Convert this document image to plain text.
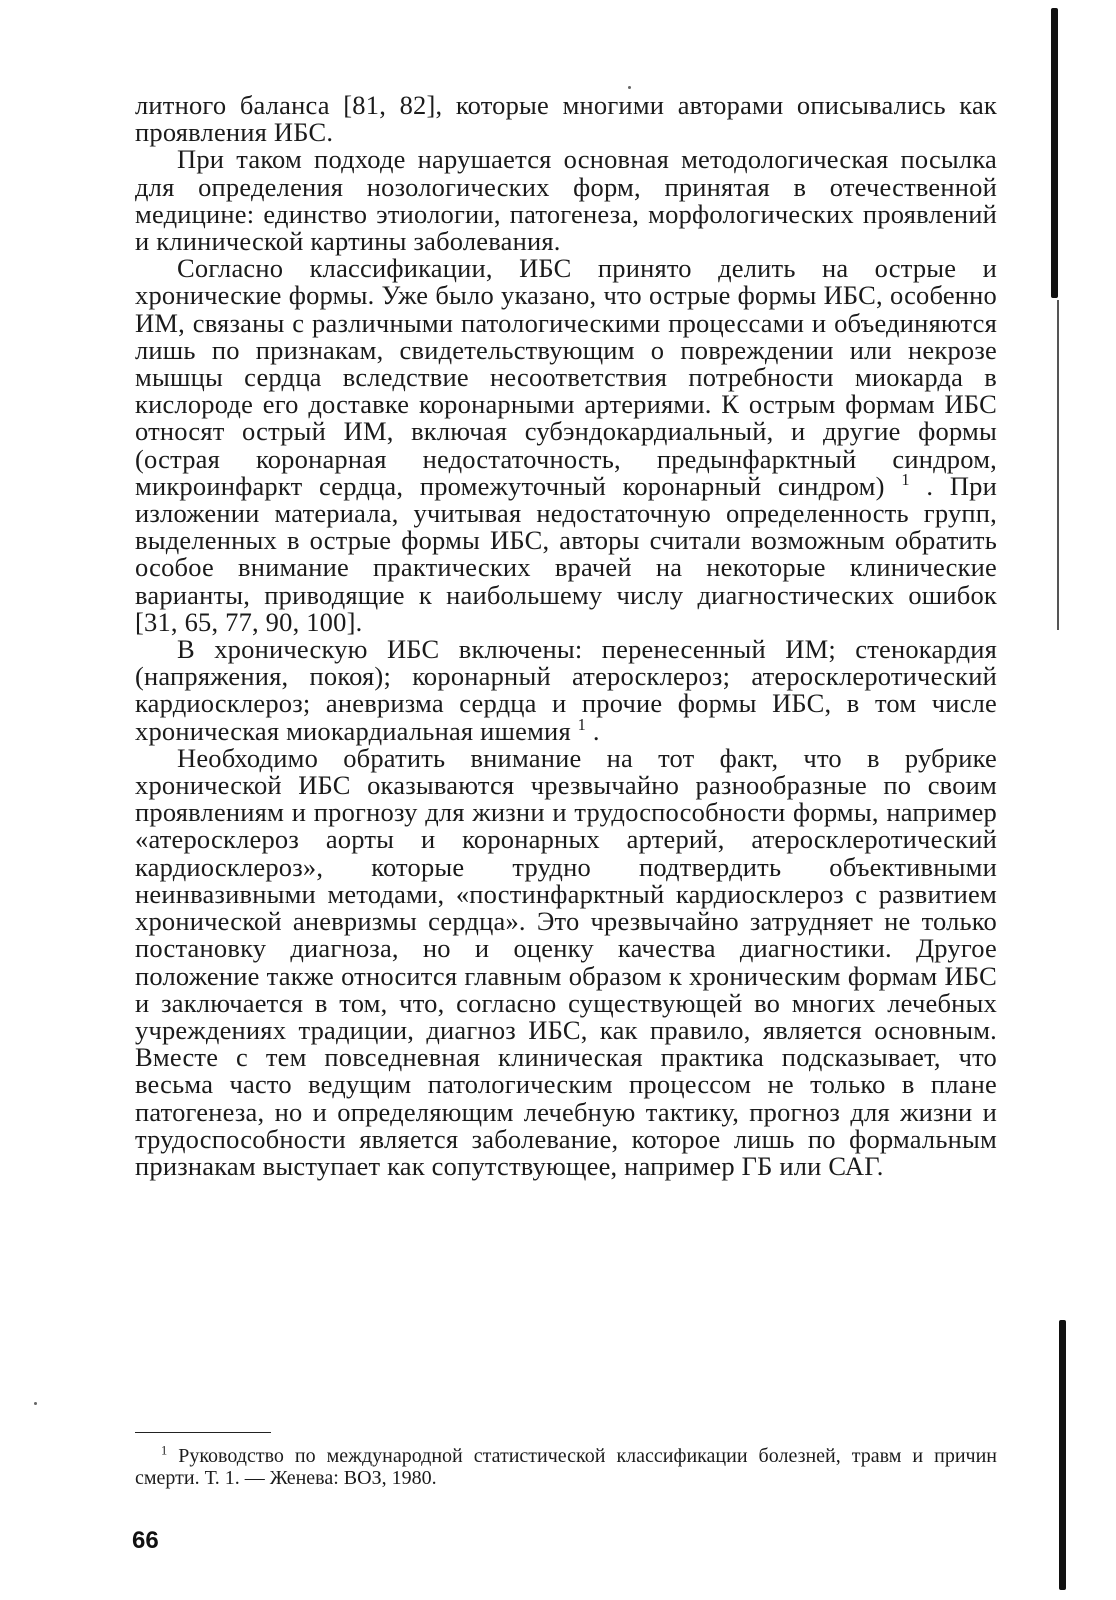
литного баланса [81, 82], которые многими авторами описывались как проявления ИБС.

При таком подходе нарушается основная методологическая посылка для определения нозологических форм, принятая в отечественной медицине: единство этиологии, патогенеза, морфологических проявлений и клинической картины заболевания.

Согласно классификации, ИБС принято делить на острые и хронические формы. Уже было указано, что острые формы ИБС, особенно ИМ, связаны с различными патологическими процессами и объединяются лишь по признакам, свидетельствующим о повреждении или некрозе мышцы сердца вследствие несоответствия потребности миокарда в кислороде его доставке коронарными артериями. К острым формам ИБС относят острый ИМ, включая субэндокардиальный, и другие формы (острая коронарная недостаточность, предынфарктный синдром, микроинфаркт сердца, промежуточный коронарный синдром) $^1$ . При изложении материала, учитывая недостаточную определенность групп, выделенных в острые формы ИБС, авторы считали возможным обратить особое внимание практических врачей на некоторые клинические варианты, приводящие к наибольшему числу диагностических ошибок [31, 65, 77, 90, 100].

В хроническую ИБС включены: перенесенный ИМ; стенокардия (напряжения, покоя); коронарный атеросклероз; атеросклеротический кардиосклероз; аневризма сердца и прочие формы ИБС, в том числе хроническая миокардиальная ишемия $^1$ .

Необходимо обратить внимание на тот факт, что в рубрике хронической ИБС оказываются чрезвычайно разнообразные по своим проявлениям и прогнозу для жизни и трудоспособности формы, например «атеросклероз аорты и коронарных артерий, атеросклеротический кардиосклероз», которые трудно подтвердить объективными неинвазивными методами, «постинфарктный кардиосклероз с развитием хронической аневризмы сердца». Это чрезвычайно затрудняет не только постановку диагноза, но и оценку качества диагностики. Другое положение также относится главным образом к хроническим формам ИБС и заключается в том, что, согласно существующей во многих лечебных учреждениях традиции, диагноз ИБС, как правило, является основным. Вместе с тем повседневная клиническая практика подсказывает, что весьма часто ведущим патологическим процессом не только в плане патогенеза, но и определяющим лечебную тактику, прогноз для жизни и трудоспособности является заболевание, которое лишь по формальным признакам выступает как сопутствующее, например ГБ или САГ.

$^1$ Руководство по международной статистической классификации болезней, травм и причин смерти. Т. 1. — Женева: ВОЗ, 1980.

66
